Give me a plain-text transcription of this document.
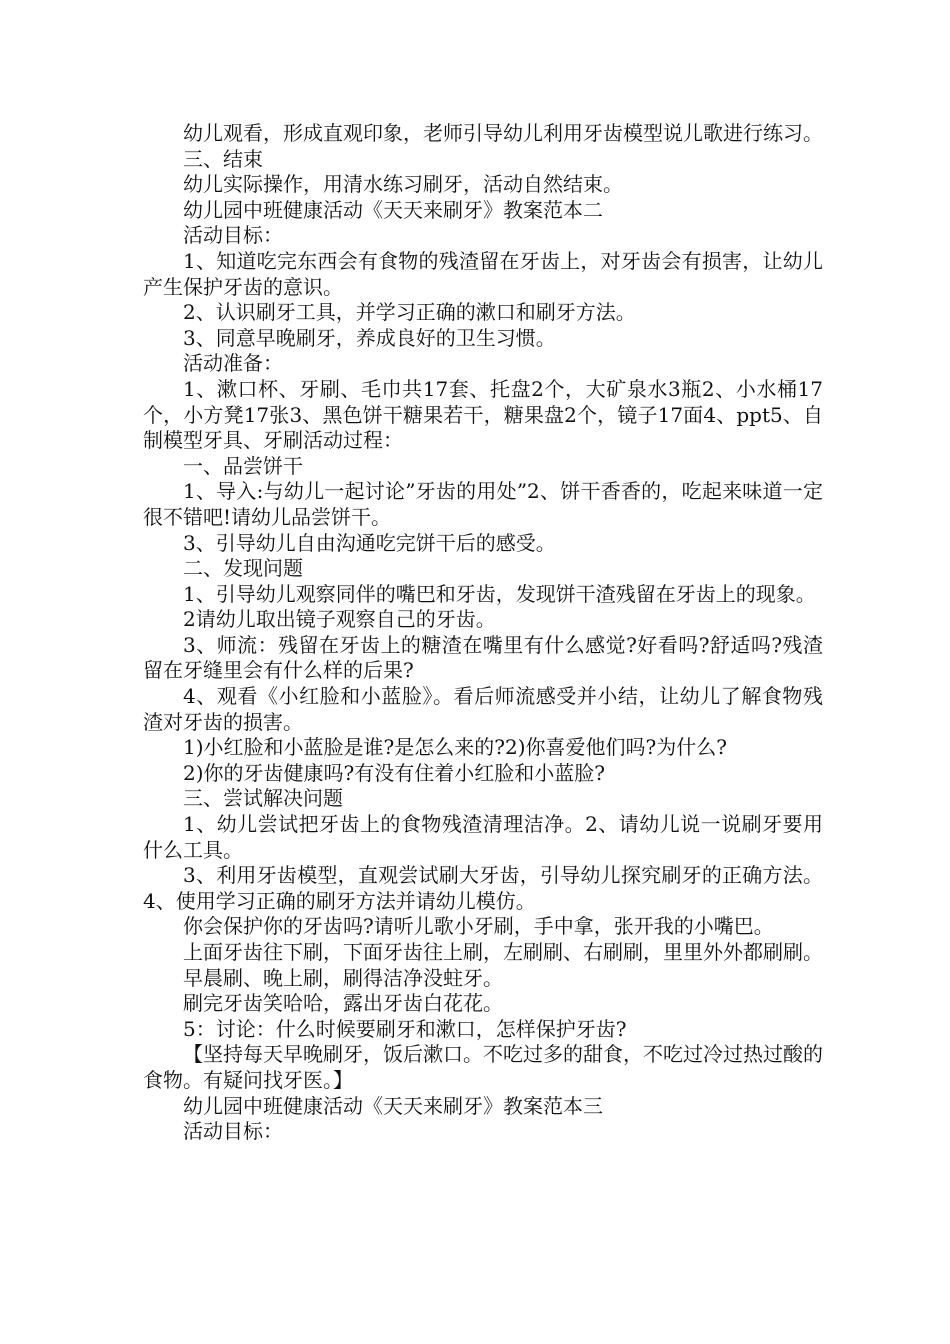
幼儿观看，形成直观印象，老师引导幼儿利用牙齿模型说儿歌进行练习。

三、结束

幼儿实际操作，用清水练习刷牙，活动自然结束。

幼儿园中班健康活动《天天来刷牙》教案范本二

活动目标：

1、知道吃完东西会有食物的残渣留在牙齿上，对牙齿会有损害，让幼儿产生保护牙齿的意识。

2、认识刷牙工具，并学习正确的漱口和刷牙方法。

3、同意早晚刷牙，养成良好的卫生习惯。

活动准备：

1、漱口杯、牙刷、毛巾共17套、托盘2个，大矿泉水3瓶2、小水桶17个，小方凳17张3、黑色饼干糖果若干，糖果盘2个，镜子17面4、ppt5、自制模型牙具、牙刷活动过程：

一、品尝饼干

1、导入:与幼儿一起讨论”牙齿的用处”2、饼干香香的，吃起来味道一定很不错吧!请幼儿品尝饼干。

3、引导幼儿自由沟通吃完饼干后的感受。

二、发现问题

1、引导幼儿观察同伴的嘴巴和牙齿，发现饼干渣残留在牙齿上的现象。

2请幼儿取出镜子观察自己的牙齿。

3、师流：残留在牙齿上的糖渣在嘴里有什么感觉?好看吗?舒适吗?残渣留在牙缝里会有什么样的后果?

4、观看《小红脸和小蓝脸》。看后师流感受并小结，让幼儿了解食物残渣对牙齿的损害。

1)小红脸和小蓝脸是谁?是怎么来的?2)你喜爱他们吗?为什么?

2)你的牙齿健康吗?有没有住着小红脸和小蓝脸?

三、尝试解决问题

1、幼儿尝试把牙齿上的食物残渣清理洁净。2、请幼儿说一说刷牙要用什么工具。

3、利用牙齿模型，直观尝试刷大牙齿，引导幼儿探究刷牙的正确方法。4、使用学习正确的刷牙方法并请幼儿模仿。

你会保护你的牙齿吗?请听儿歌小牙刷，手中拿，张开我的小嘴巴。

上面牙齿往下刷，下面牙齿往上刷，左刷刷、右刷刷，里里外外都刷刷。

早晨刷、晚上刷，刷得洁净没蛀牙。

刷完牙齿笑哈哈，露出牙齿白花花。

5：讨论：什么时候要刷牙和漱口，怎样保护牙齿?

【坚持每天早晚刷牙，饭后漱口。不吃过多的甜食，不吃过冷过热过酸的食物。有疑问找牙医。】

幼儿园中班健康活动《天天来刷牙》教案范本三

活动目标：
